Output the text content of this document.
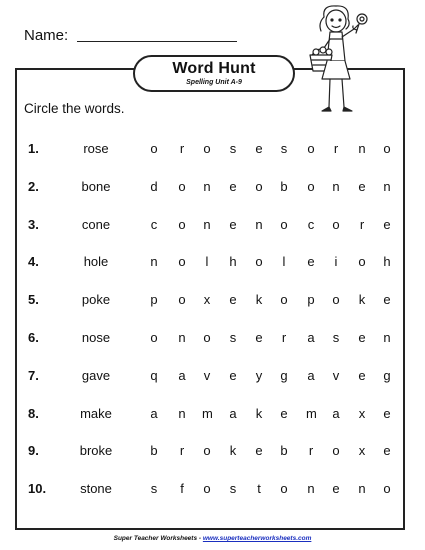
Name:
Word Hunt
Spelling Unit A-9
Circle the words.
1.	rose	o r o s e s o r n o
2.	bone	d o n e o b o n e n
3.	cone	c o n e n o c o r e
4.	hole	n o l h o l e i o h
5.	poke	p o x e k o p o k e
6.	nose	o n o s e r a s e n
7.	gave	q a v e y g a v e g
8.	make	a n m a k e m a x e
9.	broke	b r o k e b r o x e
10.	stone	s f o s t o n e n o
Super Teacher Worksheets - www.superteacherworksheets.com
